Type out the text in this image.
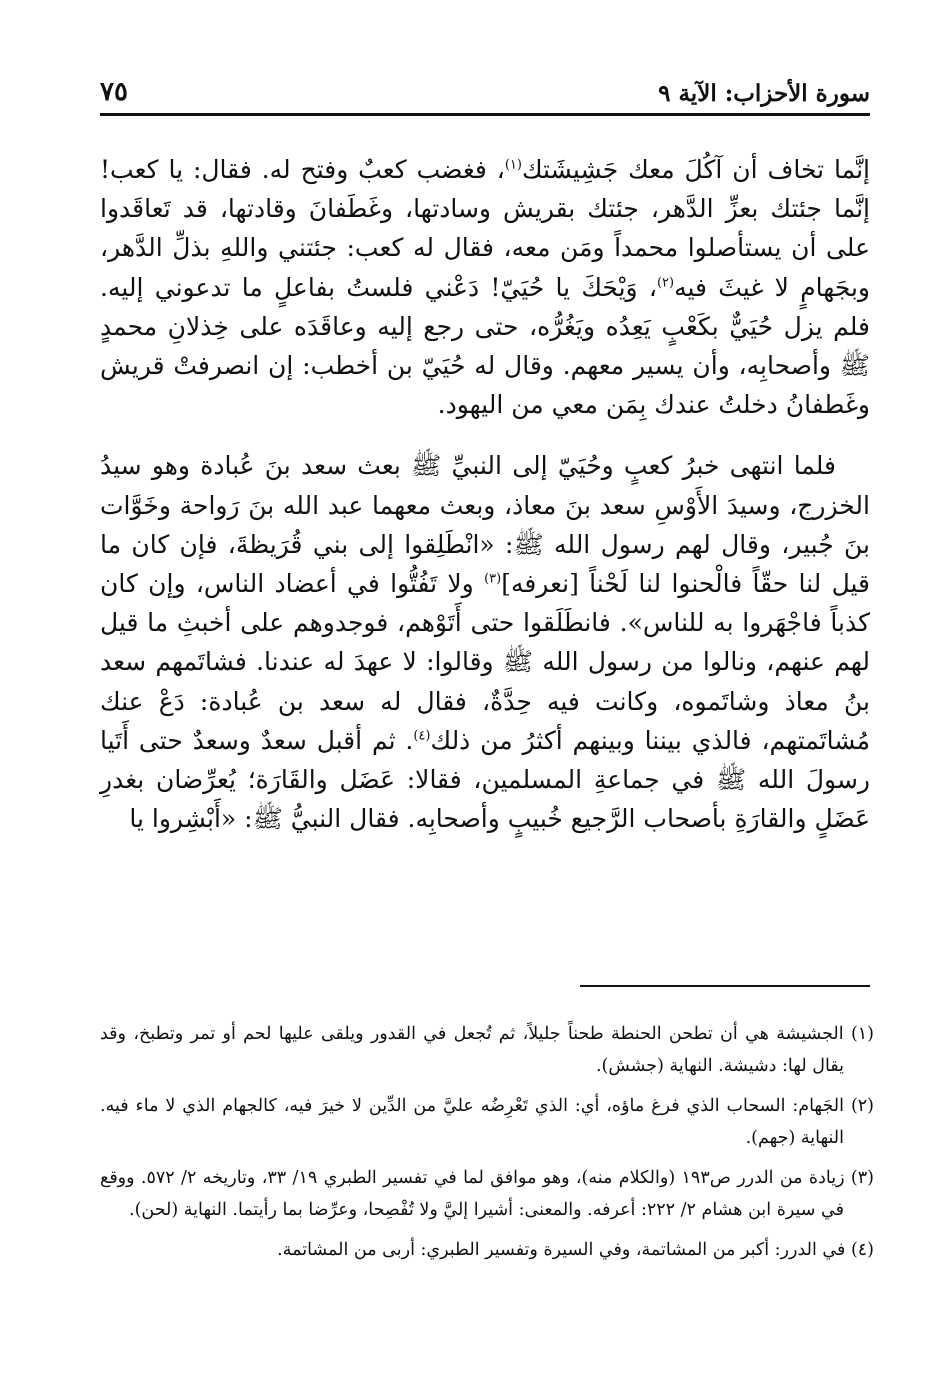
سورة الأحزاب: الآية ٩
٧٥

إنَّما تخاف أن آكُلَ معك جَشِيشَتك$^{(١)}$، فغضب كعبٌ وفتح له. فقال: يا كعب! إنَّما جئتك بعزِّ الدَّهر، جئتك بقريش وسادتها، وغَطَفانَ وقادتها، قد تَعاقَدوا على أن يستأصلوا محمداً ومَن معه، فقال له كعب: جئتني واللهِ بذلِّ الدَّهر، وبجَهامٍ لا غيثَ فيه$^{(٢)}$، وَيْحَكَ يا حُيَيّ! دَعْني فلستُ بفاعلٍ ما تدعوني إليه. فلم يزل حُيَيٌّ بكَعْبٍ يَعِدُه ويَغُرُّه، حتى رجع إليه وعاقَدَه على خِذلانِ محمدٍ ﷺ وأصحابِه، وأن يسير معهم. وقال له حُيَيّ بن أخطب: إن انصرفتْ قريش وغَطفانُ دخلتُ عندك بِمَن معي من اليهود.

فلما انتهى خبرُ كعبٍ وحُيَيّ إلى النبيِّ ﷺ بعث سعد بنَ عُبادة وهو سيدُ الخزرج، وسيدَ الأَوْسِ سعد بنَ معاذ، وبعث معهما عبد الله بنَ رَواحة وخَوَّات بنَ جُبير، وقال لهم رسول الله ﷺ: «انْطَلِقوا إلى بني قُرَيظةَ، فإن كان ما قيل لنا حقّاً فالْحنوا لنا لَحْناً [نعرفه]$^{(٣)}$ ولا تَفُتُّوا في أعضاد الناس، وإن كان كذباً فاجْهَروا به للناس». فانطَلَقوا حتى أَتَوْهم، فوجدوهم على أخبثِ ما قيل لهم عنهم، ونالوا من رسول الله ﷺ وقالوا: لا عهدَ له عندنا. فشاتَمهم سعد بنُ معاذ وشاتَموه، وكانت فيه حِدَّةٌ، فقال له سعد بن عُبادة: دَعْ عنك مُشاتَمتهم، فالذي بيننا وبينهم أكثرُ من ذلك$^{(٤)}$. ثم أقبل سعدٌ وسعدٌ حتى أَتَيا رسولَ الله ﷺ في جماعةِ المسلمين، فقالا: عَضَل والقَارَة؛ يُعرِّضان بغدرِ عَضَلٍ والقارَةِ بأصحاب الرَّجيع خُبيبٍ وأصحابِه. فقال النبيُّ ﷺ: «أَبْشِروا يا

(١) الجشيشة هي أن تطحن الحنطة طحناً جليلاً، ثم تُجعل في القدور ويلقى عليها لحم أو تمر وتطبخ، وقد يقال لها: دشيشة. النهاية (جشش).

(٢) الجَهام: السحاب الذي فرغ ماؤه، أي: الذي تَعْرِضُه عليَّ من الدِّين لا خيرَ فيه، كالجهام الذي لا ماء فيه. النهاية (جهم).

(٣) زيادة من الدرر ص١٩٣ (والكلام منه)، وهو موافق لما في تفسير الطبري ١٩/ ٣٣، وتاريخه ٢/ ٥٧٢. ووقع في سيرة ابن هشام ٢/ ٢٢٢: أعرفه. والمعنى: أشيرا إليَّ ولا تُفْصِحا، وعرِّضا بما رأيتما. النهاية (لحن).

(٤) في الدرر: أكبر من المشاتمة، وفي السيرة وتفسير الطبري: أربى من المشاتمة.
